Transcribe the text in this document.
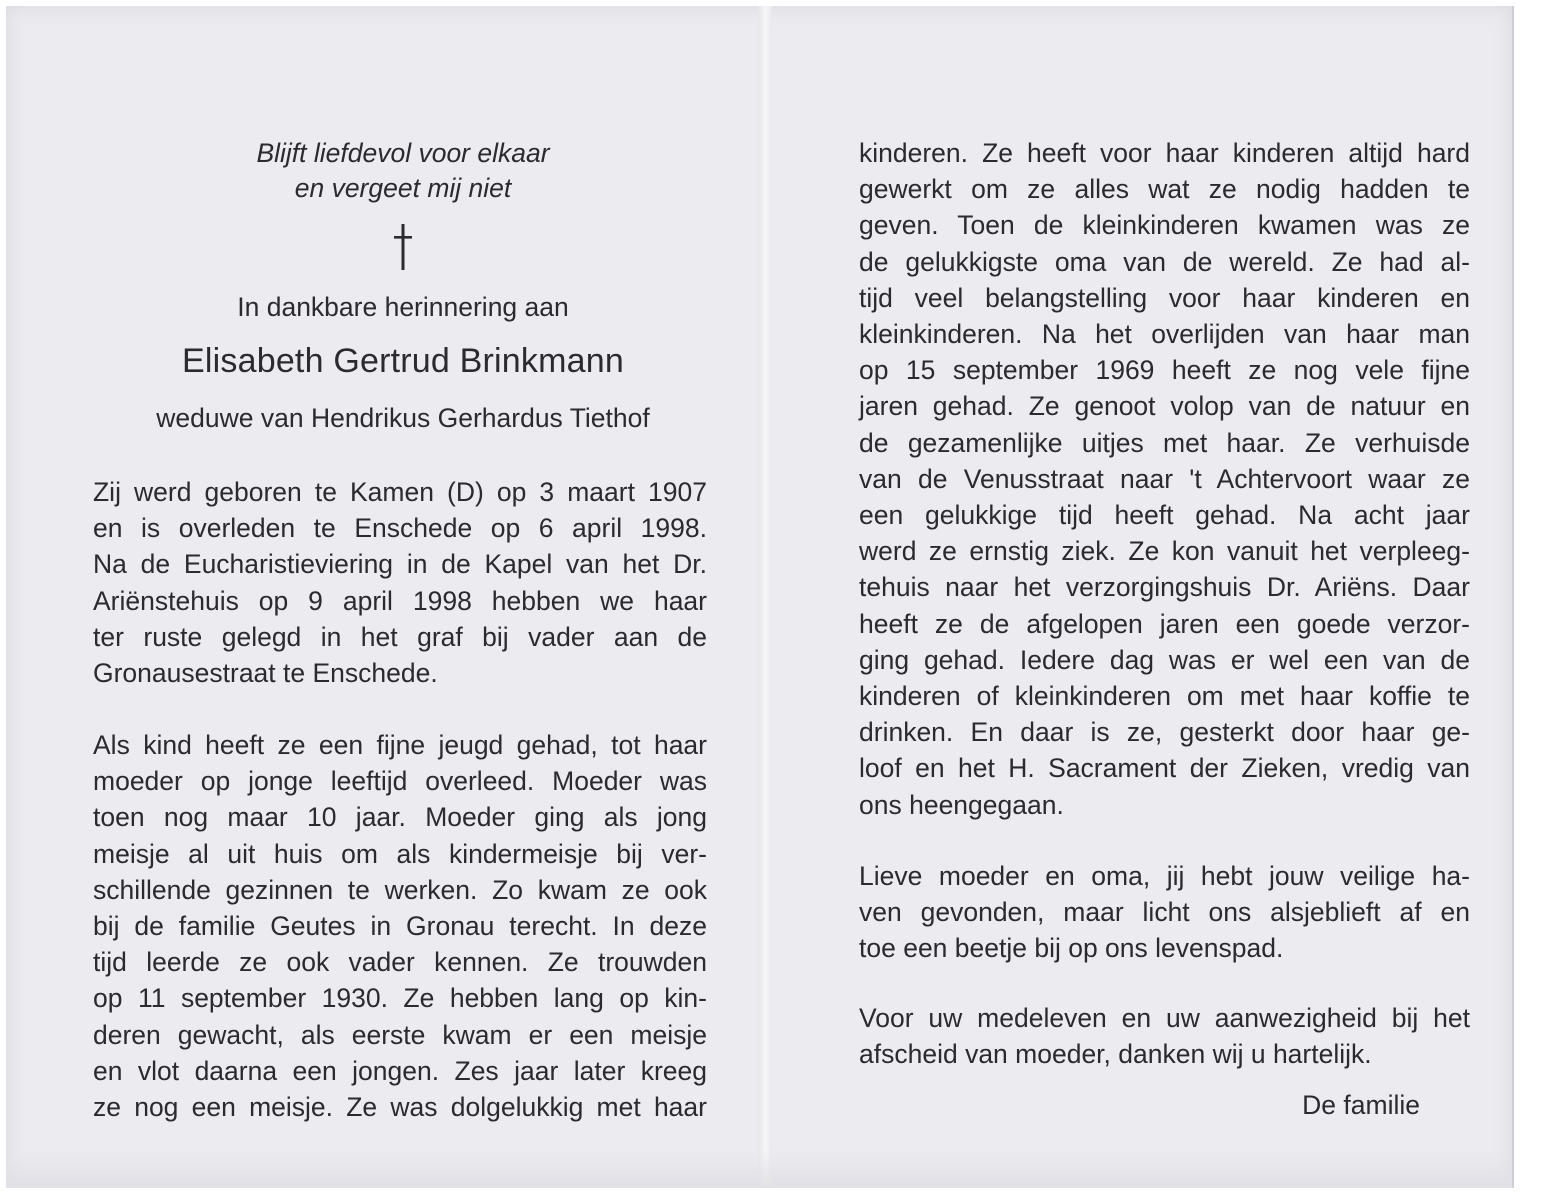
Blijft liefdevol voor elkaar
en vergeet mij niet
In dankbare herinnering aan
Elisabeth Gertrud Brinkmann
weduwe van Hendrikus Gerhardus Tiethof
Zij werd geboren te Kamen (D) op 3 maart 1907
en is overleden te Enschede op 6 april 1998.
Na de Eucharistieviering in de Kapel van het Dr.
Ariënstehuis op 9 april 1998 hebben we haar
ter ruste gelegd in het graf bij vader aan de
Gronausestraat te Enschede.
Als kind heeft ze een fijne jeugd gehad, tot haar
moeder op jonge leeftijd overleed. Moeder was
toen nog maar 10 jaar. Moeder ging als jong
meisje al uit huis om als kindermeisje bij ver-
schillende gezinnen te werken. Zo kwam ze ook
bij de familie Geutes in Gronau terecht. In deze
tijd leerde ze ook vader kennen. Ze trouwden
op 11 september 1930. Ze hebben lang op kin-
deren gewacht, als eerste kwam er een meisje
en vlot daarna een jongen. Zes jaar later kreeg
ze nog een meisje. Ze was dolgelukkig met haar
kinderen. Ze heeft voor haar kinderen altijd hard
gewerkt om ze alles wat ze nodig hadden te
geven. Toen de kleinkinderen kwamen was ze
de gelukkigste oma van de wereld. Ze had al-
tijd veel belangstelling voor haar kinderen en
kleinkinderen. Na het overlijden van haar man
op 15 september 1969 heeft ze nog vele fijne
jaren gehad. Ze genoot volop van de natuur en
de gezamenlijke uitjes met haar. Ze verhuisde
van de Venusstraat naar 't Achtervoort waar ze
een gelukkige tijd heeft gehad. Na acht jaar
werd ze ernstig ziek. Ze kon vanuit het verpleeg-
tehuis naar het verzorgingshuis Dr. Ariëns. Daar
heeft ze de afgelopen jaren een goede verzor-
ging gehad. Iedere dag was er wel een van de
kinderen of kleinkinderen om met haar koffie te
drinken. En daar is ze, gesterkt door haar ge-
loof en het H. Sacrament der Zieken, vredig van
ons heengegaan.
Lieve moeder en oma, jij hebt jouw veilige ha-
ven gevonden, maar licht ons alsjeblieft af en
toe een beetje bij op ons levenspad.
Voor uw medeleven en uw aanwezigheid bij het
afscheid van moeder, danken wij u hartelijk.
De familie
